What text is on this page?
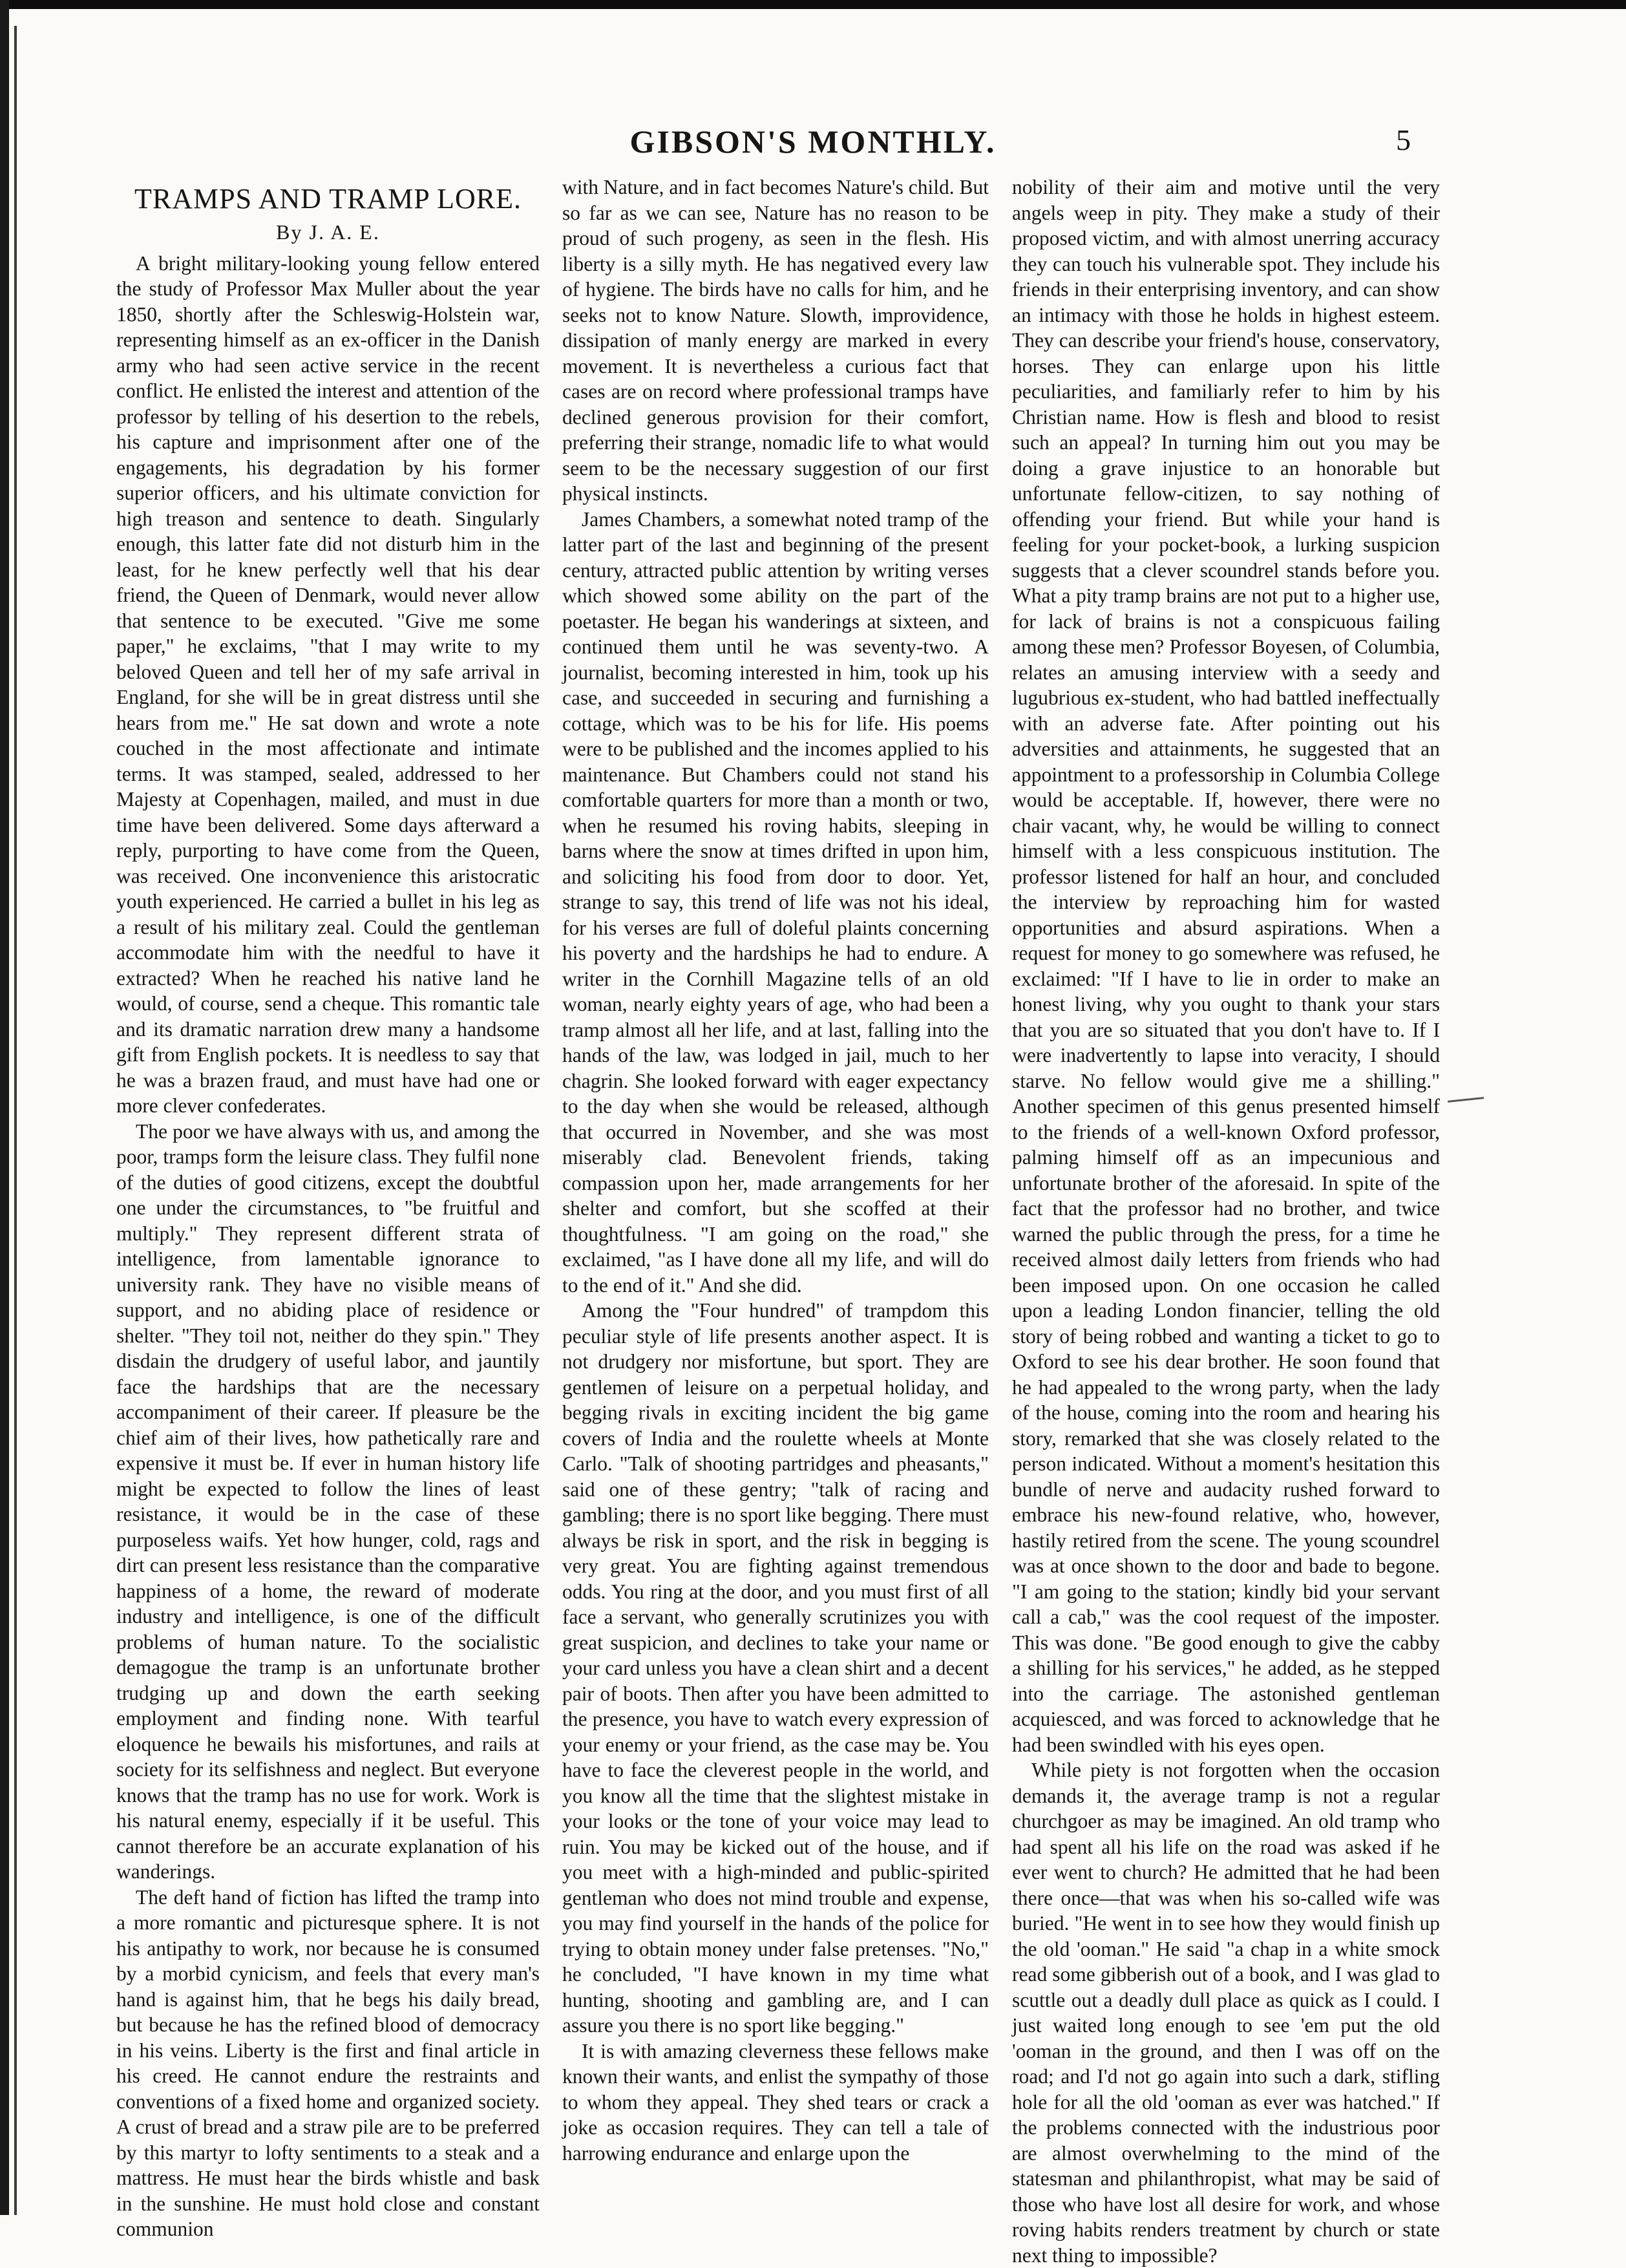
GIBSON'S MONTHLY.	5
TRAMPS AND TRAMP LORE.
By J. A. E.

A bright military-looking young fellow entered the study of Professor Max Muller about the year 1850, shortly after the Schleswig-Holstein war, representing himself as an ex-officer in the Danish army who had seen active service in the recent conflict. He enlisted the interest and attention of the professor by telling of his desertion to the rebels, his capture and imprisonment after one of the engagements, his degradation by his former superior officers, and his ultimate conviction for high treason and sentence to death. Singularly enough, this latter fate did not disturb him in the least, for he knew perfectly well that his dear friend, the Queen of Denmark, would never allow that sentence to be executed. "Give me some paper," he exclaims, "that I may write to my beloved Queen and tell her of my safe arrival in England, for she will be in great distress until she hears from me." He sat down and wrote a note couched in the most affectionate and intimate terms. It was stamped, sealed, addressed to her Majesty at Copenhagen, mailed, and must in due time have been delivered. Some days afterward a reply, purporting to have come from the Queen, was received. One inconvenience this aristocratic youth experienced. He carried a bullet in his leg as a result of his military zeal. Could the gentleman accommodate him with the needful to have it extracted? When he reached his native land he would, of course, send a cheque. This romantic tale and its dramatic narration drew many a handsome gift from English pockets. It is needless to say that he was a brazen fraud, and must have had one or more clever confederates.

The poor we have always with us, and among the poor, tramps form the leisure class. They fulfil none of the duties of good citizens, except the doubtful one under the circumstances, to "be fruitful and multiply." They represent different strata of intelligence, from lamentable ignorance to university rank. They have no visible means of support, and no abiding place of residence or shelter. "They toil not, neither do they spin." They disdain the drudgery of useful labor, and jauntily face the hardships that are the necessary accompaniment of their career. If pleasure be the chief aim of their lives, how pathetically rare and expensive it must be. If ever in human history life might be expected to follow the lines of least resistance, it would be in the case of these purposeless waifs. Yet how hunger, cold, rags and dirt can present less resistance than the comparative happiness of a home, the reward of moderate industry and intelligence, is one of the difficult problems of human nature. To the socialistic demagogue the tramp is an unfortunate brother trudging up and down the earth seeking employment and finding none. With tearful eloquence he bewails his misfortunes, and rails at society for its selfishness and neglect. But everyone knows that the tramp has no use for work. Work is his natural enemy, especially if it be useful. This cannot therefore be an accurate explanation of his wanderings.

The deft hand of fiction has lifted the tramp into a more romantic and picturesque sphere. It is not his antipathy to work, nor because he is consumed by a morbid cynicism, and feels that every man's hand is against him, that he begs his daily bread, but because he has the refined blood of democracy in his veins. Liberty is the first and final article in his creed. He cannot endure the restraints and conventions of a fixed home and organized society. A crust of bread and a straw pile are to be preferred by this martyr to lofty sentiments to a steak and a mattress. He must hear the birds whistle and bask in the sunshine. He must hold close and constant communion

with Nature, and in fact becomes Nature's child. But so far as we can see, Nature has no reason to be proud of such progeny, as seen in the flesh. His liberty is a silly myth. He has negatived every law of hygiene. The birds have no calls for him, and he seeks not to know Nature. Slowth, improvidence, dissipation of manly energy are marked in every movement. It is nevertheless a curious fact that cases are on record where professional tramps have declined generous provision for their comfort, preferring their strange, nomadic life to what would seem to be the necessary suggestion of our first physical instincts.

James Chambers, a somewhat noted tramp of the latter part of the last and beginning of the present century, attracted public attention by writing verses which showed some ability on the part of the poetaster. He began his wanderings at sixteen, and continued them until he was seventy-two. A journalist, becoming interested in him, took up his case, and succeeded in securing and furnishing a cottage, which was to be his for life. His poems were to be published and the incomes applied to his maintenance. But Chambers could not stand his comfortable quarters for more than a month or two, when he resumed his roving habits, sleeping in barns where the snow at times drifted in upon him, and soliciting his food from door to door. Yet, strange to say, this trend of life was not his ideal, for his verses are full of doleful plaints concerning his poverty and the hardships he had to endure. A writer in the Cornhill Magazine tells of an old woman, nearly eighty years of age, who had been a tramp almost all her life, and at last, falling into the hands of the law, was lodged in jail, much to her chagrin. She looked forward with eager expectancy to the day when she would be released, although that occurred in November, and she was most miserably clad. Benevolent friends, taking compassion upon her, made arrangements for her shelter and comfort, but she scoffed at their thoughtfulness. "I am going on the road," she exclaimed, "as I have done all my life, and will do to the end of it." And she did.

Among the "Four hundred" of trampdom this peculiar style of life presents another aspect. It is not drudgery nor misfortune, but sport. They are gentlemen of leisure on a perpetual holiday, and begging rivals in exciting incident the big game covers of India and the roulette wheels at Monte Carlo. "Talk of shooting partridges and pheasants," said one of these gentry; "talk of racing and gambling; there is no sport like begging. There must always be risk in sport, and the risk in begging is very great. You are fighting against tremendous odds. You ring at the door, and you must first of all face a servant, who generally scrutinizes you with great suspicion, and declines to take your name or your card unless you have a clean shirt and a decent pair of boots. Then after you have been admitted to the presence, you have to watch every expression of your enemy or your friend, as the case may be. You have to face the cleverest people in the world, and you know all the time that the slightest mistake in your looks or the tone of your voice may lead to ruin. You may be kicked out of the house, and if you meet with a high-minded and public-spirited gentleman who does not mind trouble and expense, you may find yourself in the hands of the police for trying to obtain money under false pretenses. "No," he concluded, "I have known in my time what hunting, shooting and gambling are, and I can assure you there is no sport like begging."

It is with amazing cleverness these fellows make known their wants, and enlist the sympathy of those to whom they appeal. They shed tears or crack a joke as occasion requires. They can tell a tale of harrowing endurance and enlarge upon the

nobility of their aim and motive until the very angels weep in pity. They make a study of their proposed victim, and with almost unerring accuracy they can touch his vulnerable spot. They include his friends in their enterprising inventory, and can show an intimacy with those he holds in highest esteem. They can describe your friend's house, conservatory, horses. They can enlarge upon his little peculiarities, and familiarly refer to him by his Christian name. How is flesh and blood to resist such an appeal? In turning him out you may be doing a grave injustice to an honorable but unfortunate fellow-citizen, to say nothing of offending your friend. But while your hand is feeling for your pocket-book, a lurking suspicion suggests that a clever scoundrel stands before you. What a pity tramp brains are not put to a higher use, for lack of brains is not a conspicuous failing among these men? Professor Boyesen, of Columbia, relates an amusing interview with a seedy and lugubrious ex-student, who had battled ineffectually with an adverse fate. After pointing out his adversities and attainments, he suggested that an appointment to a professorship in Columbia College would be acceptable. If, however, there were no chair vacant, why, he would be willing to connect himself with a less conspicuous institution. The professor listened for half an hour, and concluded the interview by reproaching him for wasted opportunities and absurd aspirations. When a request for money to go somewhere was refused, he exclaimed: "If I have to lie in order to make an honest living, why you ought to thank your stars that you are so situated that you don't have to. If I were inadvertently to lapse into veracity, I should starve. No fellow would give me a shilling." Another specimen of this genus presented himself to the friends of a well-known Oxford professor, palming himself off as an impecunious and unfortunate brother of the aforesaid. In spite of the fact that the professor had no brother, and twice warned the public through the press, for a time he received almost daily letters from friends who had been imposed upon. On one occasion he called upon a leading London financier, telling the old story of being robbed and wanting a ticket to go to Oxford to see his dear brother. He soon found that he had appealed to the wrong party, when the lady of the house, coming into the room and hearing his story, remarked that she was closely related to the person indicated. Without a moment's hesitation this bundle of nerve and audacity rushed forward to embrace his new-found relative, who, however, hastily retired from the scene. The young scoundrel was at once shown to the door and bade to begone. "I am going to the station; kindly bid your servant call a cab," was the cool request of the imposter. This was done. "Be good enough to give the cabby a shilling for his services," he added, as he stepped into the carriage. The astonished gentleman acquiesced, and was forced to acknowledge that he had been swindled with his eyes open.

While piety is not forgotten when the occasion demands it, the average tramp is not a regular churchgoer as may be imagined. An old tramp who had spent all his life on the road was asked if he ever went to church? He admitted that he had been there once—that was when his so-called wife was buried. "He went in to see how they would finish up the old 'ooman." He said "a chap in a white smock read some gibberish out of a book, and I was glad to scuttle out a deadly dull place as quick as I could. I just waited long enough to see 'em put the old 'ooman in the ground, and then I was off on the road; and I'd not go again into such a dark, stifling hole for all the old 'ooman as ever was hatched." If the problems connected with the industrious poor are almost overwhelming to the mind of the statesman and philanthropist, what may be said of those who have lost all desire for work, and whose roving habits renders treatment by church or state next thing to impossible?
